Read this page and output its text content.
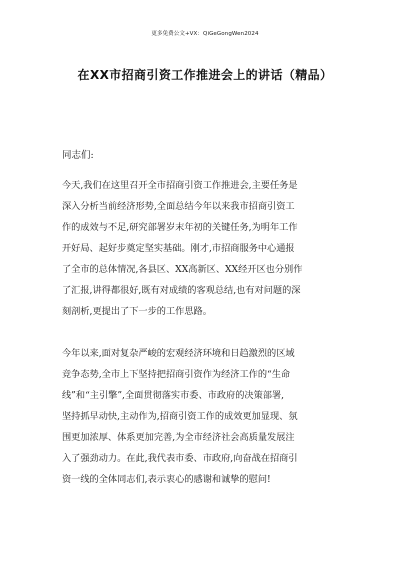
更多免费公文+VX：QiGeGongWen2024
在XX市招商引资工作推进会上的讲话（精品）
同志们:
今天,我们在这里召开全市招商引资工作推进会,主要任务是
深入分析当前经济形势,全面总结今年以来我市招商引资工
作的成效与不足,研究部署岁末年初的关键任务,为明年工作
开好局、起好步奠定坚实基础。刚才,市招商服务中心通报
了全市的总体情况,各县区、XX高新区、XX经开区也分别作
了汇报,讲得都很好,既有对成绩的客观总结,也有对问题的深
刻剖析,更提出了下一步的工作思路。
今年以来,面对复杂严峻的宏观经济环境和日趋激烈的区域
竞争态势,全市上下坚持把招商引资作为经济工作的“生命
线”和“主引擎”,全面贯彻落实市委、市政府的决策部署,
坚持抓早动快,主动作为,招商引资工作的成效更加显现、氛
围更加浓厚、体系更加完善,为全市经济社会高质量发展注
入了强劲动力。在此,我代表市委、市政府,向奋战在招商引
资一线的全体同志们,表示衷心的感谢和诚挚的慰问!
